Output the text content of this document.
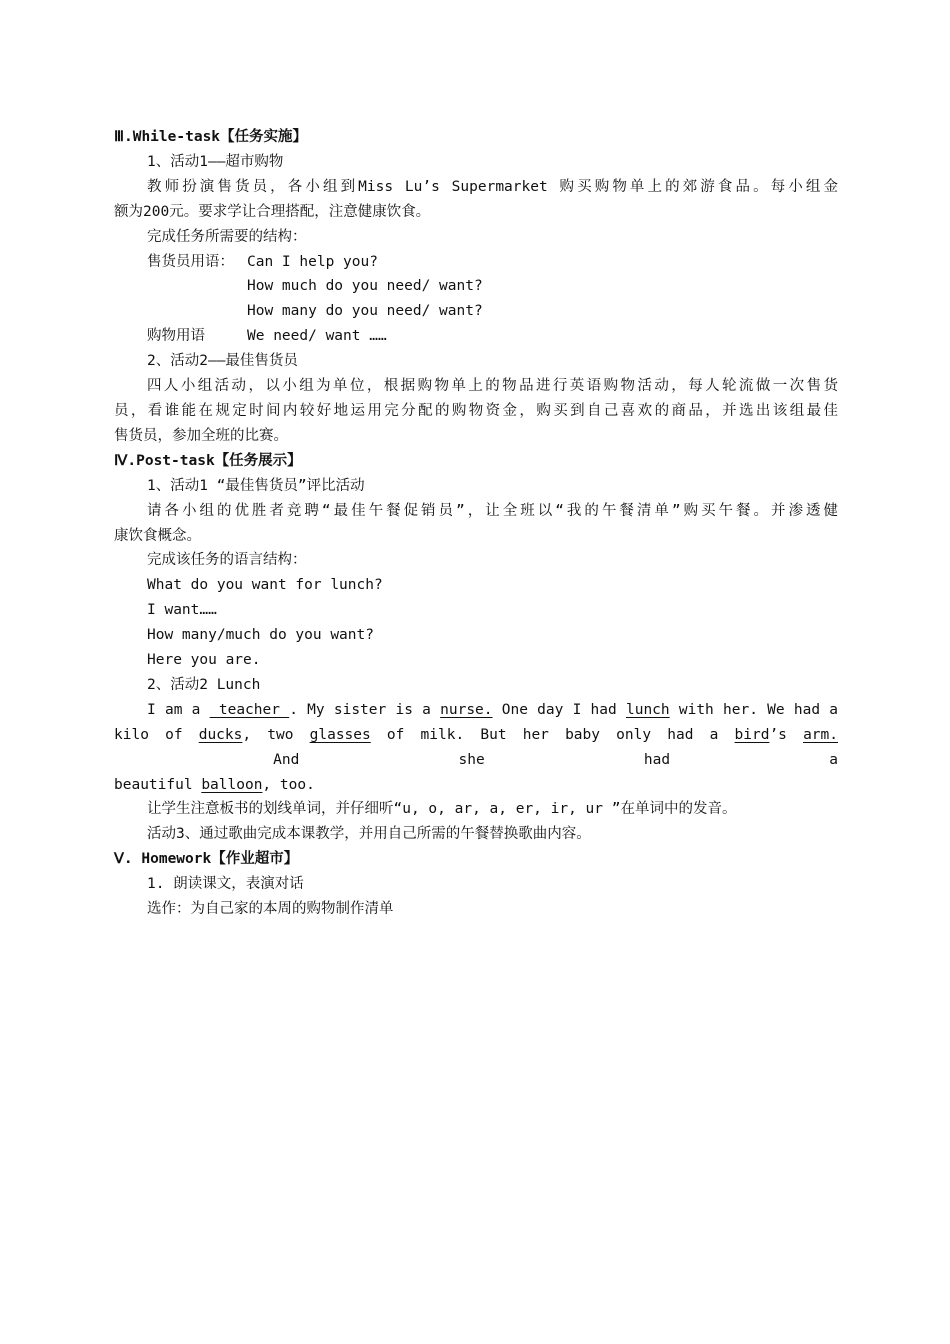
Ⅲ.While-task【任务实施】
1、活动1——超市购物
教师扮演售货员，各小组到Miss Lu’s Supermarket 购买购物单上的郊游食品。每小组金
额为200元。要求学让合理搭配，注意健康饮食。
完成任务所需要的结构：
售货员用语： Can I help you?
How much do you need/ want?
How many do you need/ want?
购物用语	We need/ want ……
2、活动2——最佳售货员
四人小组活动，以小组为单位，根据购物单上的物品进行英语购物活动，每人轮流做一次售货
员，看谁能在规定时间内较好地运用完分配的购物资金，购买到自己喜欢的商品，并选出该组最佳
售货员，参加全班的比赛。
Ⅳ.Post-task【任务展示】
1、活动1 “最佳售货员”评比活动
请各小组的优胜者竞聘“最佳午餐促销员”，让全班以“我的午餐清单”购买午餐。并渗透健
康饮食概念。
完成该任务的语言结构：
What do you want for lunch?
I want……
How many/much do you want?
Here you are.
2、活动2 Lunch
I am a  teacher . My sister is a nurse. One day I had lunch with her. We had a
kilo of ducks, two glasses of milk. But her baby only had a bird’s arm. And she had a
beautiful balloon, too.
让学生注意板书的划线单词，并仔细听“u, o, ar, a, er, ir, ur ”在单词中的发音。
活动3、通过歌曲完成本课教学，并用自己所需的午餐替换歌曲内容。
Ⅴ. Homework【作业超市】
1. 朗读课文，表演对话
选作：为自己家的本周的购物制作清单
